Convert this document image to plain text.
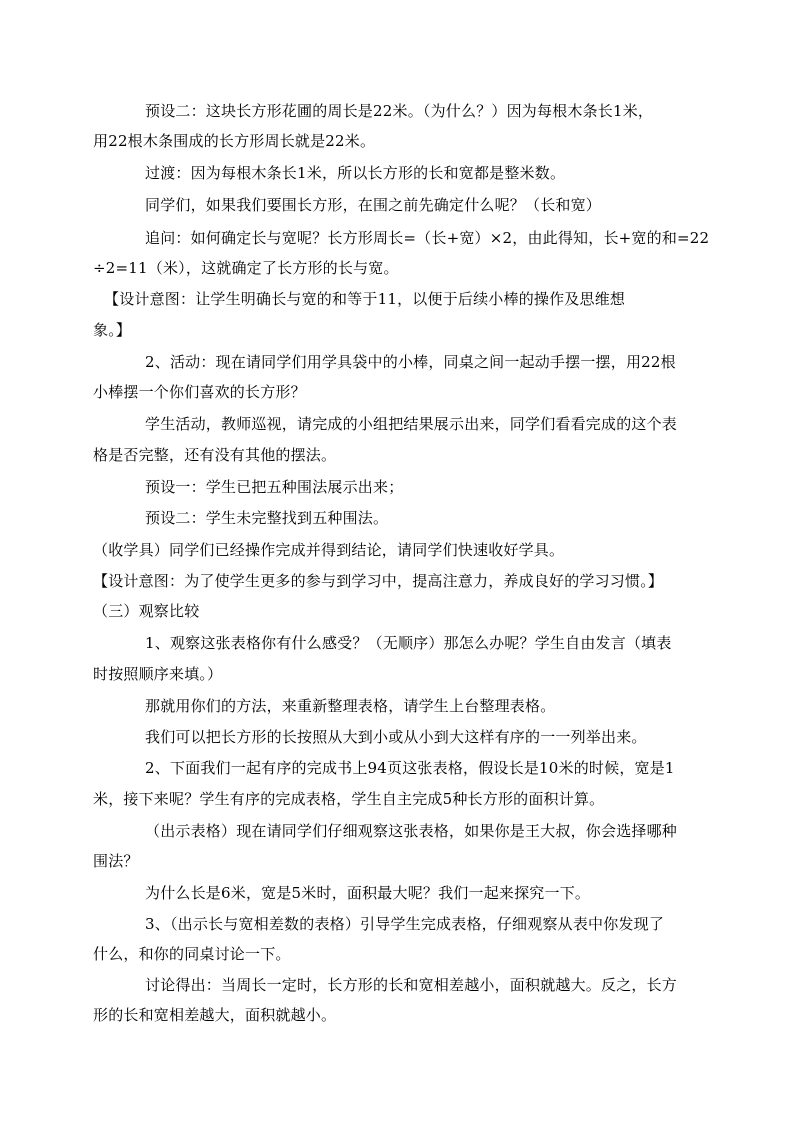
预设二：这块长方形花圃的周长是22米。（为什么？）因为每根木条长1米，
用22根木条围成的长方形周长就是22米。
过渡：因为每根木条长1米，所以长方形的长和宽都是整米数。
同学们，如果我们要围长方形，在围之前先确定什么呢？（长和宽）
追问：如何确定长与宽呢？长方形周长=（长+宽）×2，由此得知，长+宽的和=22
÷2=11（米），这就确定了长方形的长与宽。
【设计意图：让学生明确长与宽的和等于11，以便于后续小棒的操作及思维想
象。】
2、活动：现在请同学们用学具袋中的小棒，同桌之间一起动手摆一摆，用22根
小棒摆一个你们喜欢的长方形？
学生活动，教师巡视，请完成的小组把结果展示出来，同学们看看完成的这个表
格是否完整，还有没有其他的摆法。
预设一：学生已把五种围法展示出来；
预设二：学生未完整找到五种围法。
（收学具）同学们已经操作完成并得到结论，请同学们快速收好学具。
【设计意图：为了使学生更多的参与到学习中，提高注意力，养成良好的学习习惯。】
（三）观察比较
1、观察这张表格你有什么感受？（无顺序）那怎么办呢？学生自由发言（填表
时按照顺序来填。）
那就用你们的方法，来重新整理表格，请学生上台整理表格。
我们可以把长方形的长按照从大到小或从小到大这样有序的一一列举出来。
2、下面我们一起有序的完成书上94页这张表格，假设长是10米的时候，宽是1
米，接下来呢？学生有序的完成表格，学生自主完成5种长方形的面积计算。
（出示表格）现在请同学们仔细观察这张表格，如果你是王大叔，你会选择哪种
围法？
为什么长是6米，宽是5米时，面积最大呢？我们一起来探究一下。
3、（出示长与宽相差数的表格）引导学生完成表格，仔细观察从表中你发现了
什么，和你的同桌讨论一下。
讨论得出：当周长一定时，长方形的长和宽相差越小，面积就越大。反之，长方
形的长和宽相差越大，面积就越小。
